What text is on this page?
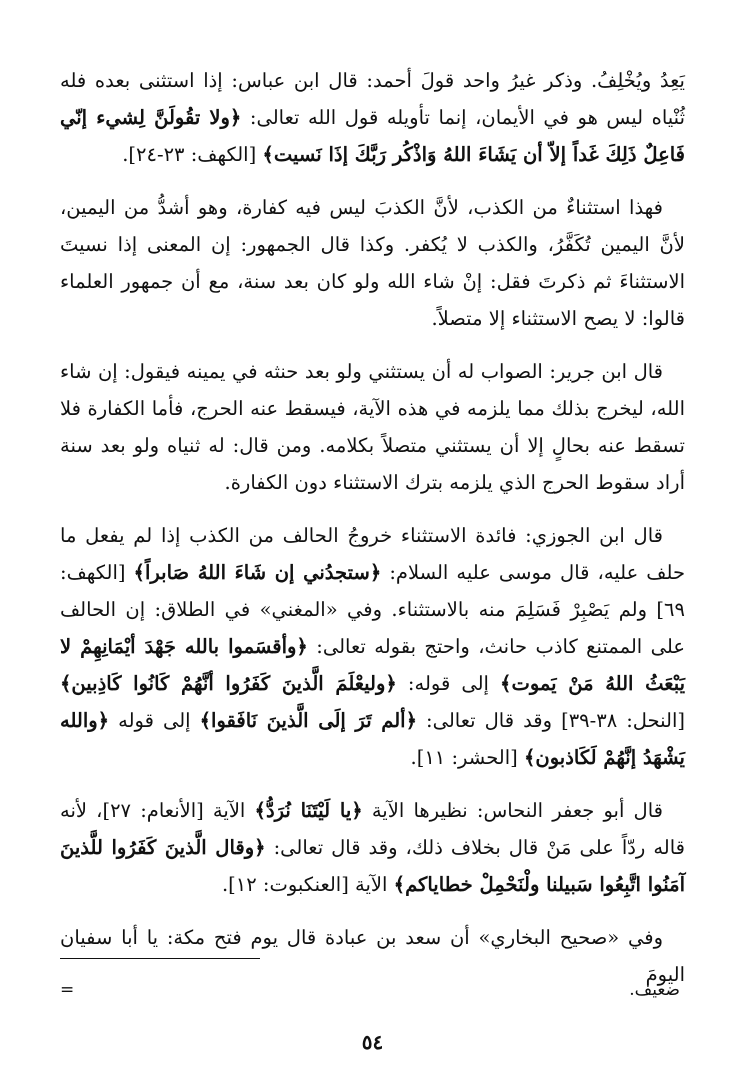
يَعِدُ ويُخْلِفُ. وذكر غيرُ واحد قولَ أحمد: قال ابن عباس: إذا استثنى بعده فله ثُنْياه ليس هو في الأيمان، إنما تأويله قول الله تعالى: ﴿ولا تقُولَنَّ لِشيء إنّي فَاعِلٌ ذَلِكَ غَداً إلاّ أن يَشَاءَ اللهُ وَاذْكُر رَبَّكَ إذَا نَسيت﴾ [الكهف: ٢٣-٢٤].

فهذا استثناءٌ من الكذب، لأنَّ الكذبَ ليس فيه كفارة، وهو أشدُّ من اليمين، لأنَّ اليمين تُكَفَّرُ، والكذب لا يُكفر. وكذا قال الجمهور: إن المعنى إذا نسيتَ الاستثناءَ ثم ذكرتَ فقل: إنْ شاء الله ولو كان بعد سنة، مع أن جمهور العلماء قالوا: لا يصح الاستثناء إلا متصلاً.

قال ابن جرير: الصواب له أن يستثني ولو بعد حنثه في يمينه فيقول: إن شاء الله، ليخرج بذلك مما يلزمه في هذه الآية، فيسقط عنه الحرج، فأما الكفارة فلا تسقط عنه بحالٍ إلا أن يستثني متصلاً بكلامه. ومن قال: له ثنياه ولو بعد سنة أراد سقوط الحرج الذي يلزمه بترك الاستثناء دون الكفارة.

قال ابن الجوزي: فائدة الاستثناء خروجُ الحالف من الكذب إذا لم يفعل ما حلف عليه، قال موسى عليه السلام: ﴿ستجدُني إن شَاءَ اللهُ صَابراً﴾ [الكهف: ٦٩] ولم يَصْبِرْ فَسَلِمَ منه بالاستثناء. وفي «المغني» في الطلاق: إن الحالف على الممتنع كاذب حانث، واحتج بقوله تعالى: ﴿وأقسَموا بالله جَهْدَ أيْمَانِهِمْ لا يَبْعَثُ اللهُ مَنْ يَموت﴾ إلى قوله: ﴿وليعْلَمَ الَّذينَ كَفَرُوا أنَّهُمْ كَانُوا كَاذِبين﴾ [النحل: ٣٨-٣٩] وقد قال تعالى: ﴿ألم تَرَ إلَى الَّذينَ نَافَقوا﴾ إلى قوله ﴿والله يَشْهَدُ إنَّهُمْ لَكَاذبون﴾ [الحشر: ١١].

قال أبو جعفر النحاس: نظيرها الآية ﴿يا لَيْتَنَا نُرَدُّ﴾ الآية [الأنعام: ٢٧]، لأنه قاله ردّاً على مَنْ قال بخلاف ذلك، وقد قال تعالى: ﴿وقال الَّذينَ كَفَرُوا للَّذينَ آمَنُوا اتَّبِعُوا سَبيلنا ولْنَحْمِلْ خطاياكم﴾ الآية [العنكبوت: ١٢].

وفي «صحيح البخاري» أن سعد بن عبادة قال يوم فتح مكة: يا أبا سفيان اليومَ

ضعيف.
=
٥٤
